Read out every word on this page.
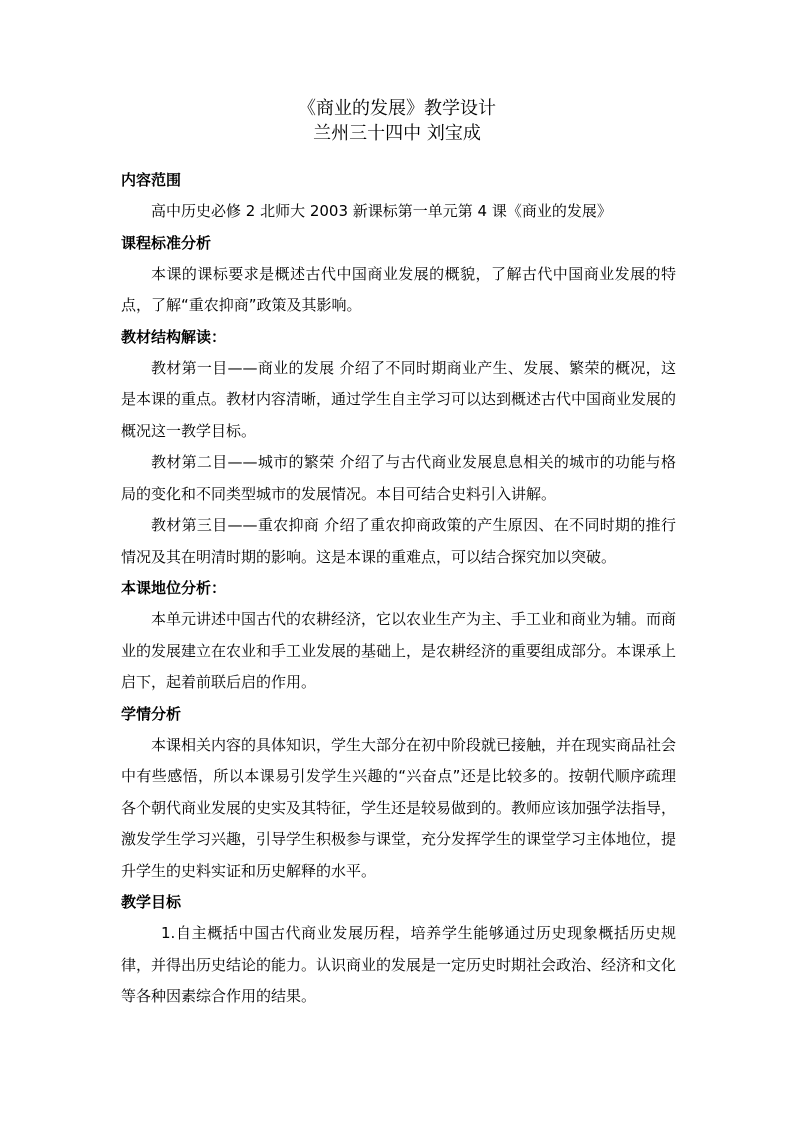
《商业的发展》教学设计
兰州三十四中 刘宝成
内容范围

高中历史必修 2 北师大 2003 新课标第一单元第 4 课《商业的发展》

课程标准分析

本课的课标要求是概述古代中国商业发展的概貌，了解古代中国商业发展的特点，了解“重农抑商”政策及其影响。

教材结构解读：

教材第一目——商业的发展 介绍了不同时期商业产生、发展、繁荣的概况，这是本课的重点。教材内容清晰，通过学生自主学习可以达到概述古代中国商业发展的概况这一教学目标。

教材第二目——城市的繁荣 介绍了与古代商业发展息息相关的城市的功能与格局的变化和不同类型城市的发展情况。本目可结合史料引入讲解。

教材第三目——重农抑商 介绍了重农抑商政策的产生原因、在不同时期的推行情况及其在明清时期的影响。这是本课的重难点，可以结合探究加以突破。

本课地位分析：

本单元讲述中国古代的农耕经济，它以农业生产为主、手工业和商业为辅。而商业的发展建立在农业和手工业发展的基础上，是农耕经济的重要组成部分。本课承上启下，起着前联后启的作用。

学情分析

本课相关内容的具体知识，学生大部分在初中阶段就已接触，并在现实商品社会中有些感悟，所以本课易引发学生兴趣的“兴奋点”还是比较多的。按朝代顺序疏理各个朝代商业发展的史实及其特征，学生还是较易做到的。教师应该加强学法指导，激发学生学习兴趣，引导学生积极参与课堂，充分发挥学生的课堂学习主体地位，提升学生的史料实证和历史解释的水平。

教学目标

1.自主概括中国古代商业发展历程，培养学生能够通过历史现象概括历史规律，并得出历史结论的能力。认识商业的发展是一定历史时期社会政治、经济和文化等各种因素综合作用的结果。
